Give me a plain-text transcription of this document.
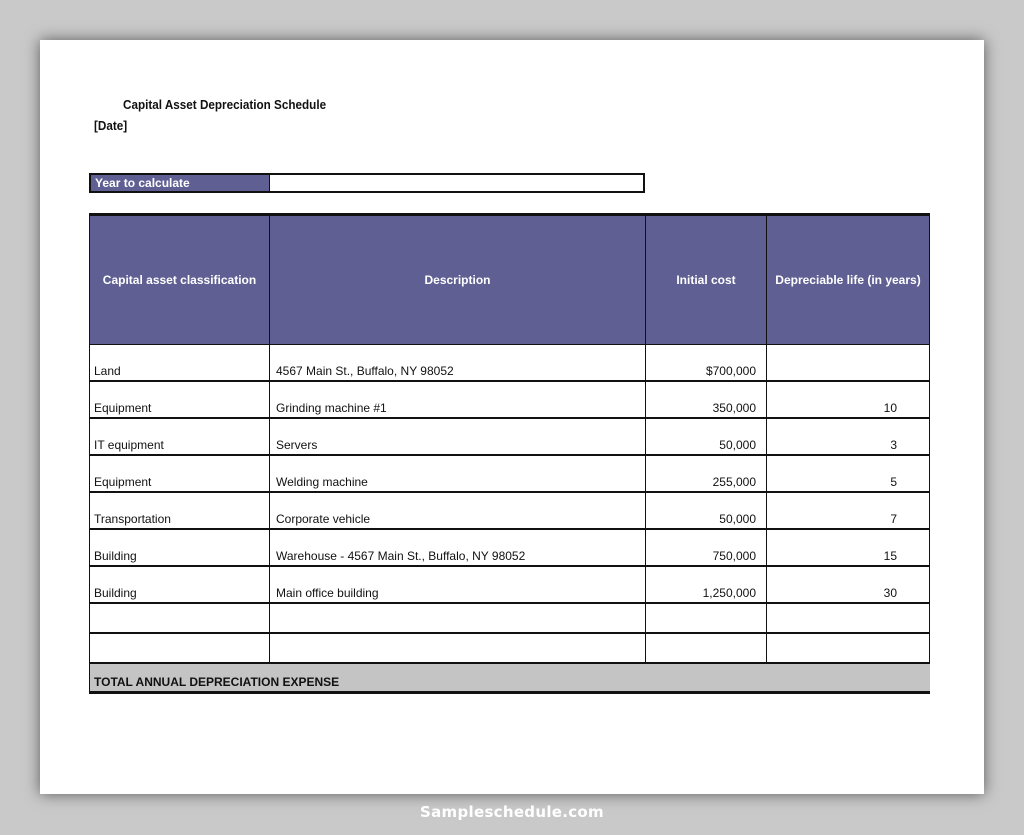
Capital Asset Depreciation Schedule
[Date]
Year to calculate
Capital asset classification	Description	Initial cost	Depreciable life (in years)
Land	4567 Main St., Buffalo, NY 98052	$700,000	
Equipment	Grinding machine #1	350,000	10
IT equipment	Servers	50,000	3
Equipment	Welding machine	255,000	5
Transportation	Corporate vehicle	50,000	7
Building	Warehouse - 4567 Main St., Buffalo, NY 98052	750,000	15
Building	Main office building	1,250,000	30

TOTAL ANNUAL DEPRECIATION EXPENSE			
Sampleschedule.com
